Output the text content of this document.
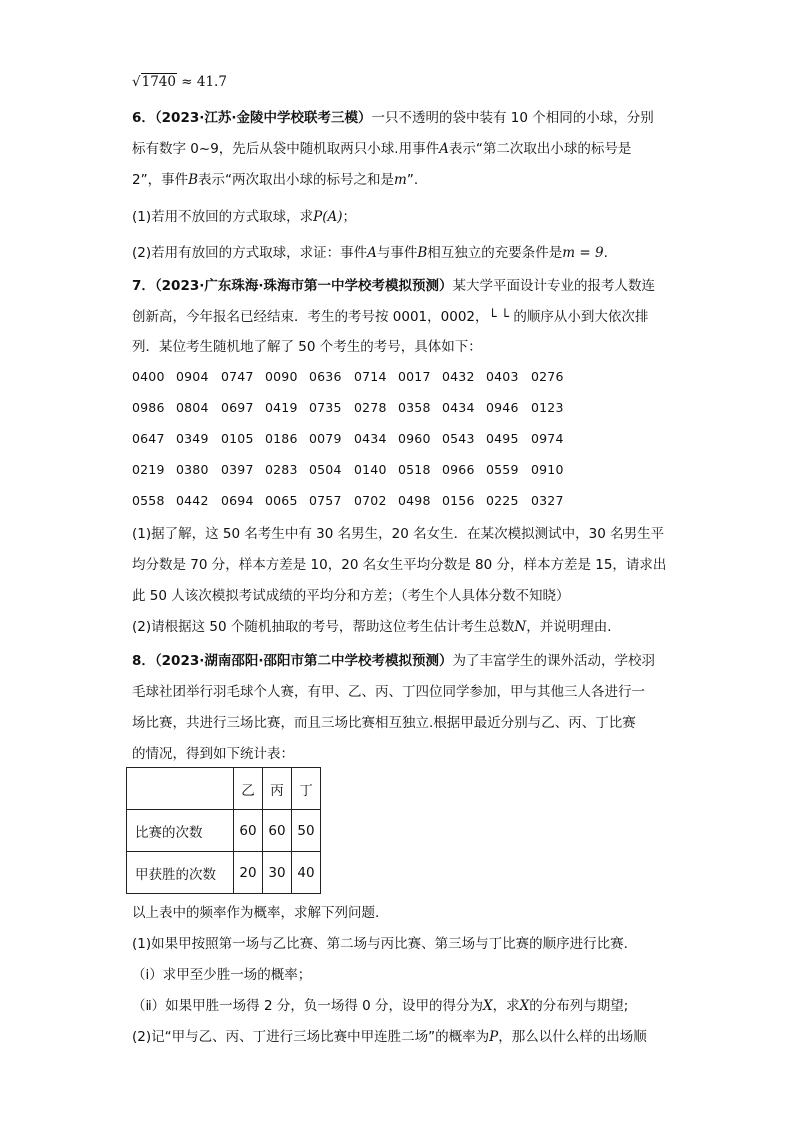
√1740 ≈ 41.7
6．（2023·江苏·金陵中学校联考三模）一只不透明的袋中装有 10 个相同的小球，分别
标有数字 0~9，先后从袋中随机取两只小球.用事件A表示“第二次取出小球的标号是
2”，事件B表示“两次取出小球的标号之和是m”.
(1)若用不放回的方式取球，求P(A)；
(2)若用有放回的方式取球，求证：事件A与事件B相互独立的充要条件是m = 9.
7．（2023·广东珠海·珠海市第一中学校考模拟预测）某大学平面设计专业的报考人数连
创新高，今年报名已经结束．考生的考号按 0001，0002，└ └ 的顺序从小到大依次排
列．某位考生随机地了解了 50 个考生的考号，具体如下：
0400 0904 0747 0090 0636 0714 0017 0432 0403 0276
0986 0804 0697 0419 0735 0278 0358 0434 0946 0123
0647 0349 0105 0186 0079 0434 0960 0543 0495 0974
0219 0380 0397 0283 0504 0140 0518 0966 0559 0910
0558 0442 0694 0065 0757 0702 0498 0156 0225 0327
(1)据了解，这 50 名考生中有 30 名男生，20 名女生．在某次模拟测试中，30 名男生平
均分数是 70 分，样本方差是 10，20 名女生平均分数是 80 分，样本方差是 15，请求出
此 50 人该次模拟考试成绩的平均分和方差；（考生个人具体分数不知晓）
(2)请根据这 50 个随机抽取的考号，帮助这位考生估计考生总数N，并说明理由．
8．（2023·湖南邵阳·邵阳市第二中学校考模拟预测）为了丰富学生的课外活动，学校羽
毛球社团举行羽毛球个人赛，有甲、乙、丙、丁四位同学参加，甲与其他三人各进行一
场比赛，共进行三场比赛，而且三场比赛相互独立.根据甲最近分别与乙、丙、丁比赛
的情况，得到如下统计表：
	乙	丙	丁
比赛的次数	60	60	50
甲获胜的次数	20	30	40
以上表中的频率作为概率，求解下列问题.
(1)如果甲按照第一场与乙比赛、第二场与丙比赛、第三场与丁比赛的顺序进行比赛.
（ⅰ）求甲至少胜一场的概率；
（ⅱ）如果甲胜一场得 2 分，负一场得 0 分，设甲的得分为X，求X的分布列与期望;
(2)记“甲与乙、丙、丁进行三场比赛中甲连胜二场”的概率为P，那么以什么样的出场顺
